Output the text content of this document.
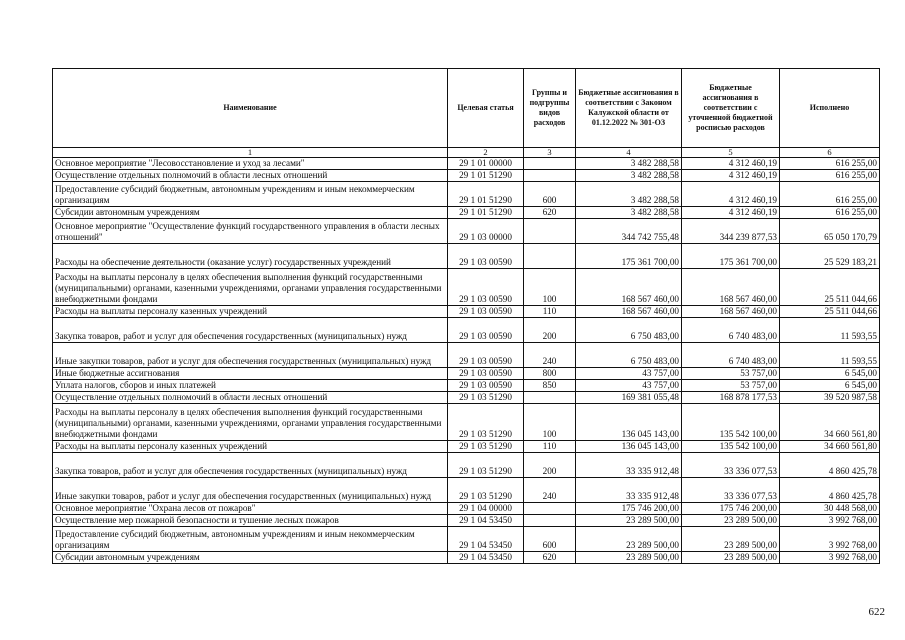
Наименование	Целевая статья	Группы и подгруппы видов расходов	Бюджетные ассигнования в соответствии с Законом Калужской области от 01.12.2022 № 301-ОЗ	Бюджетные ассигнования в соответствии с уточненной бюджетной росписью расходов	Исполнено
1	2	3	4	5	6
Основное мероприятие "Лесовосстановление и уход за лесами"	29 1 01 00000		3 482 288,58	4 312 460,19	616 255,00
Осуществление отдельных полномочий в области лесных отношений	29 1 01 51290		3 482 288,58	4 312 460,19	616 255,00
Предоставление субсидий бюджетным, автономным учреждениям и иным некоммерческим организациям	29 1 01 51290	600	3 482 288,58	4 312 460,19	616 255,00
Субсидии автономным учреждениям	29 1 01 51290	620	3 482 288,58	4 312 460,19	616 255,00
Основное мероприятие "Осуществление функций государственного управления в области лесных отношений"	29 1 03 00000		344 742 755,48	344 239 877,53	65 050 170,79
Расходы на обеспечение деятельности (оказание услуг) государственных учреждений	29 1 03 00590		175 361 700,00	175 361 700,00	25 529 183,21
Расходы на выплаты персоналу в целях обеспечения выполнения функций государственными (муниципальными) органами, казенными учреждениями, органами управления государственными внебюджетными фондами	29 1 03 00590	100	168 567 460,00	168 567 460,00	25 511 044,66
Расходы на выплаты персоналу казенных учреждений	29 1 03 00590	110	168 567 460,00	168 567 460,00	25 511 044,66
Закупка товаров, работ и услуг для обеспечения государственных (муниципальных) нужд	29 1 03 00590	200	6 750 483,00	6 740 483,00	11 593,55
Иные закупки товаров, работ и услуг для обеспечения государственных (муниципальных) нужд	29 1 03 00590	240	6 750 483,00	6 740 483,00	11 593,55
Иные бюджетные ассигнования	29 1 03 00590	800	43 757,00	53 757,00	6 545,00
Уплата налогов, сборов и иных платежей	29 1 03 00590	850	43 757,00	53 757,00	6 545,00
Осуществление отдельных полномочий в области лесных отношений	29 1 03 51290		169 381 055,48	168 878 177,53	39 520 987,58
Расходы на выплаты персоналу в целях обеспечения выполнения функций государственными (муниципальными) органами, казенными учреждениями, органами управления государственными внебюджетными фондами	29 1 03 51290	100	136 045 143,00	135 542 100,00	34 660 561,80
Расходы на выплаты персоналу казенных учреждений	29 1 03 51290	110	136 045 143,00	135 542 100,00	34 660 561,80
Закупка товаров, работ и услуг для обеспечения государственных (муниципальных) нужд	29 1 03 51290	200	33 335 912,48	33 336 077,53	4 860 425,78
Иные закупки товаров, работ и услуг для обеспечения государственных (муниципальных) нужд	29 1 03 51290	240	33 335 912,48	33 336 077,53	4 860 425,78
Основное мероприятие "Охрана лесов от пожаров"	29 1 04 00000		175 746 200,00	175 746 200,00	30 448 568,00
Осуществление мер пожарной безопасности и тушение лесных пожаров	29 1 04 53450		23 289 500,00	23 289 500,00	3 992 768,00
Предоставление субсидий бюджетным, автономным учреждениям и иным некоммерческим организациям	29 1 04 53450	600	23 289 500,00	23 289 500,00	3 992 768,00
Субсидии автономным учреждениям	29 1 04 53450	620	23 289 500,00	23 289 500,00	3 992 768,00
622
